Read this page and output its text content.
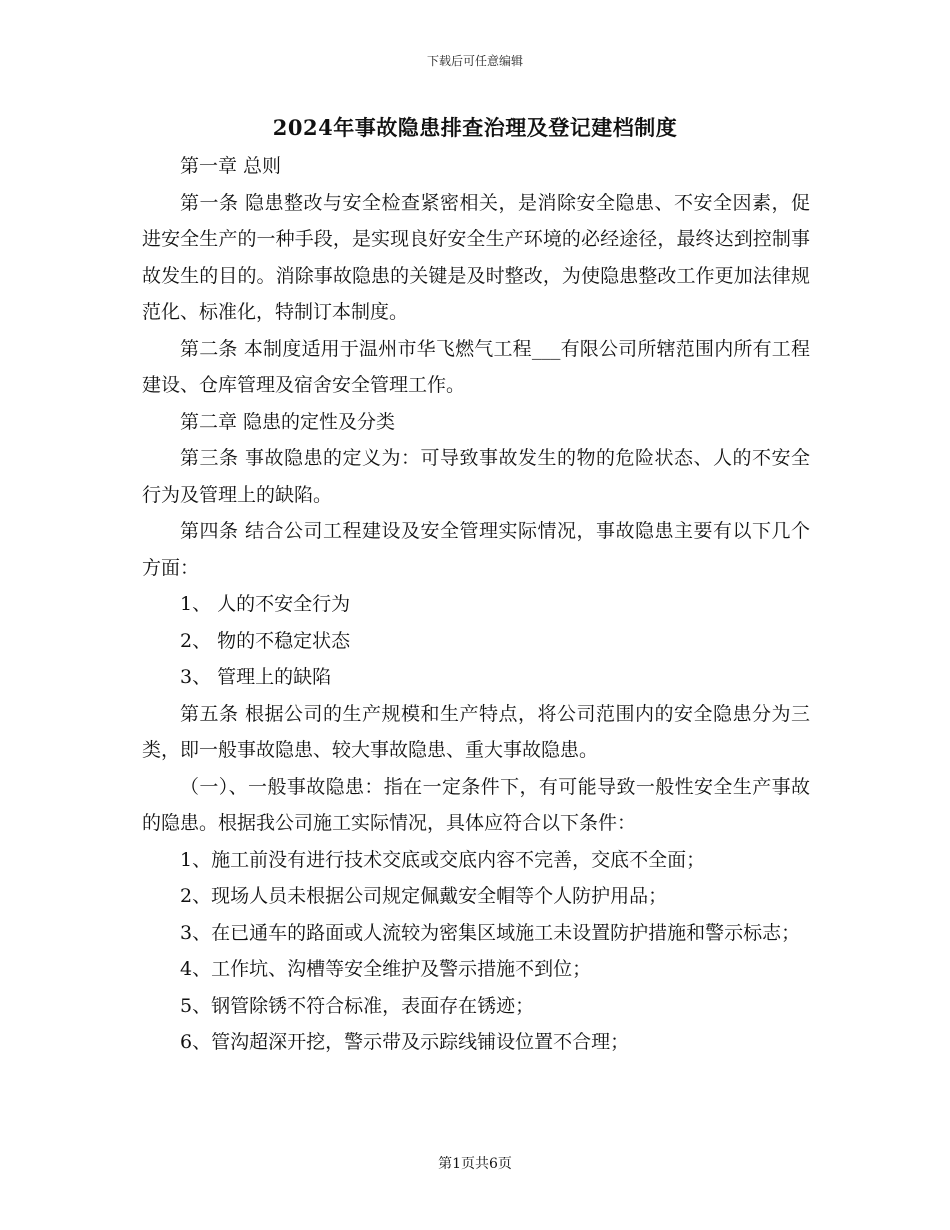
下载后可任意编辑
2024年事故隐患排查治理及登记建档制度

第一章 总则

第一条 隐患整改与安全检查紧密相关，是消除安全隐患、不安全因素，促进安全生产的一种手段，是实现良好安全生产环境的必经途径，最终达到控制事故发生的目的。消除事故隐患的关键是及时整改，为使隐患整改工作更加法律规范化、标准化，特制订本制度。

第二条 本制度适用于温州市华飞燃气工程___有限公司所辖范围内所有工程建设、仓库管理及宿舍安全管理工作。

第二章 隐患的定性及分类

第三条 事故隐患的定义为：可导致事故发生的物的危险状态、人的不安全行为及管理上的缺陷。

第四条 结合公司工程建设及安全管理实际情况，事故隐患主要有以下几个方面：

1、 人的不安全行为

2、 物的不稳定状态

3、 管理上的缺陷

第五条 根据公司的生产规模和生产特点，将公司范围内的安全隐患分为三类，即一般事故隐患、较大事故隐患、重大事故隐患。

（一）、一般事故隐患：指在一定条件下，有可能导致一般性安全生产事故的隐患。根据我公司施工实际情况，具体应符合以下条件：

1、施工前没有进行技术交底或交底内容不完善，交底不全面；

2、现场人员未根据公司规定佩戴安全帽等个人防护用品；

3、在已通车的路面或人流较为密集区域施工未设置防护措施和警示标志；

4、工作坑、沟槽等安全维护及警示措施不到位；

5、钢管除锈不符合标准，表面存在锈迹；

6、管沟超深开挖，警示带及示踪线铺设位置不合理；

第1页共6页
